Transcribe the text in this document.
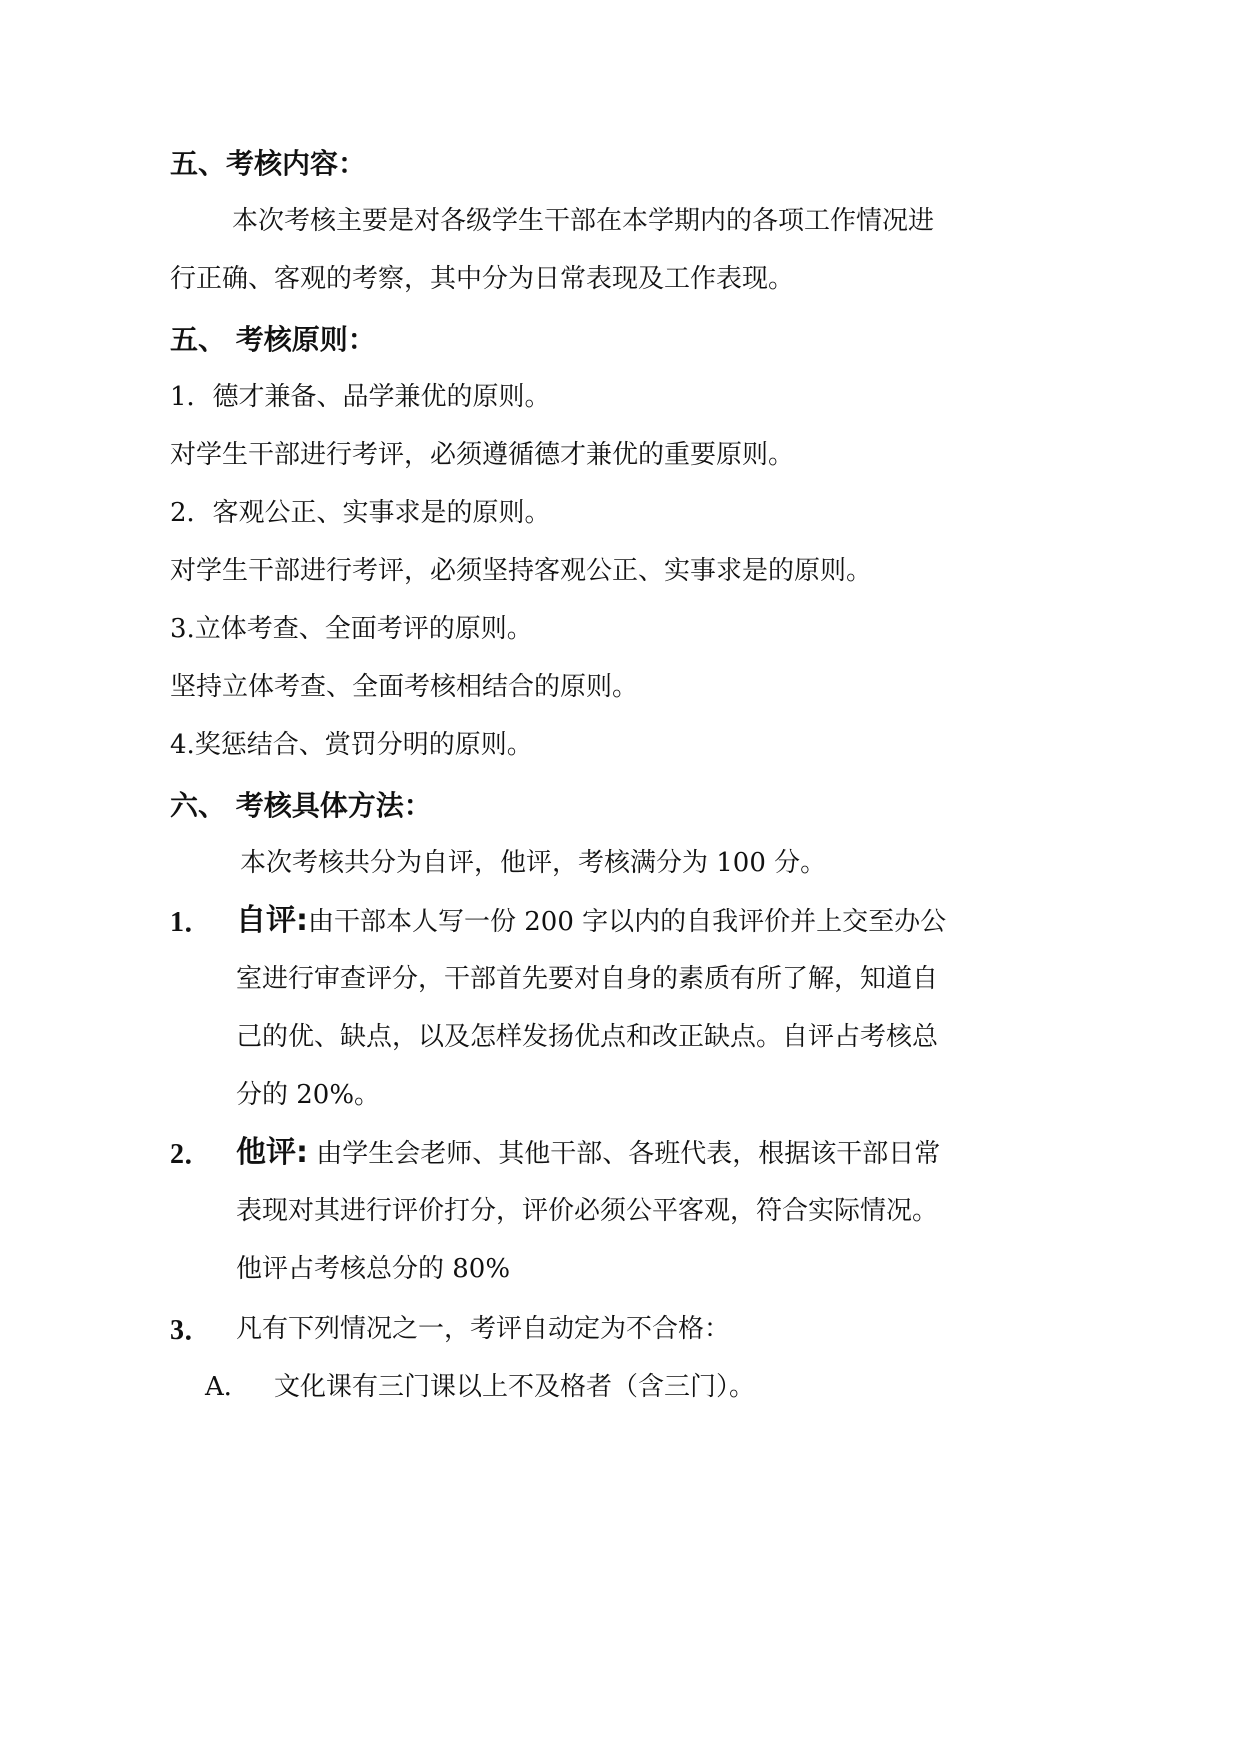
五、考核内容：
本次考核主要是对各级学生干部在本学期内的各项工作情况进
行正确、客观的考察，其中分为日常表现及工作表现。
五、 考核原则：
1．德才兼备、品学兼优的原则。
对学生干部进行考评，必须遵循德才兼优的重要原则。
2．客观公正、实事求是的原则。
对学生干部进行考评，必须坚持客观公正、实事求是的原则。
3.立体考查、全面考评的原则。
坚持立体考查、全面考核相结合的原则。
4.奖惩结合、赏罚分明的原则。
六、 考核具体方法：
本次考核共分为自评，他评，考核满分为 100 分。
1． 自评:由干部本人写一份 200 字以内的自我评价并上交至办公
室进行审查评分，干部首先要对自身的素质有所了解，知道自
己的优、缺点，以及怎样发扬优点和改正缺点。自评占考核总
分的 20%。
2． 他评: 由学生会老师、其他干部、各班代表，根据该干部日常
表现对其进行评价打分，评价必须公平客观，符合实际情况。
他评占考核总分的 80%
3． 凡有下列情况之一，考评自动定为不合格：
A． 文化课有三门课以上不及格者（含三门）。
